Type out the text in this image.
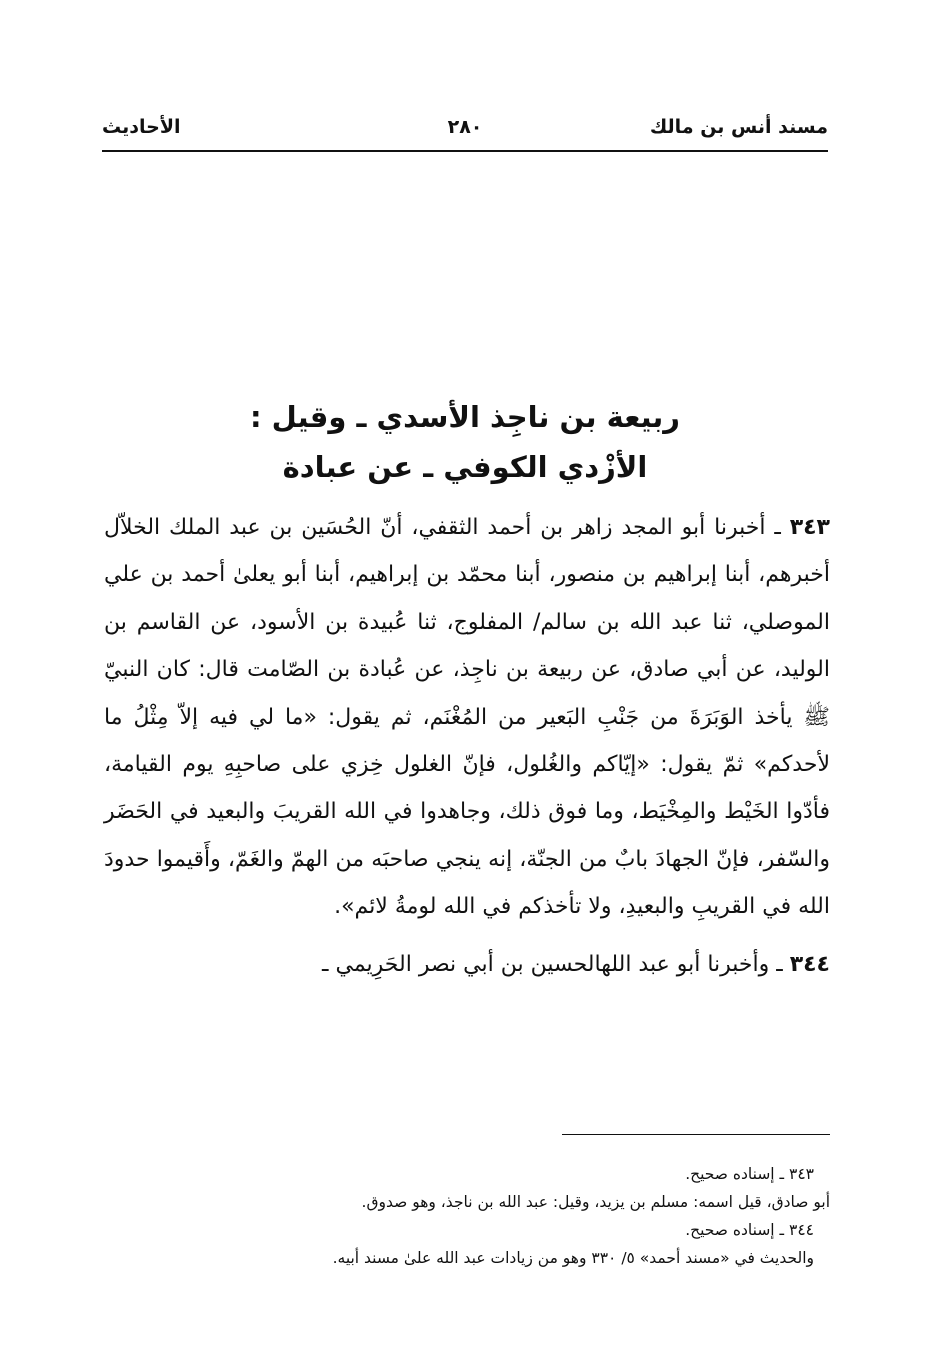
مسند أنس بن مالك
٢٨٠
الأحاديث
ربيعة بن ناجِذ الأسدي ـ وقيل :
الأزْدي الكوفي ـ عن عبادة

٣٤٣ ـ أخبرنا أبو المجد زاهر بن أحمد الثقفي، أنّ الحُسَين بن عبد الملك الخلاّل أخبرهم، أبنا إبراهيم بن منصور، أبنا محمّد بن إبراهيم، أبنا أبو يعلىٰ أحمد بن علي الموصلي، ثنا عبد الله بن سالم/ المفلوج، ثنا عُبيدة بن الأسود، عن القاسم بن الوليد، عن أبي صادق، عن ربيعة بن ناجِذ، عن عُبادة بن الصّامت قال: كان النبيّ ﷺ يأخذ الوَبَرَةَ من جَنْبِ البَعير من المُغْنَم، ثم يقول: «ما لي فيه إلاّ مِثْلُ ما لأحدكم» ثمّ يقول: «إيّاكم والغُلول، فإنّ الغلول خِزي على صاحبِهِ يوم القيامة، فأدّوا الخَيْط والمِخْيَط، وما فوق ذلك، وجاهدوا في الله القريبَ والبعيد في الحَضَر والسّفر، فإنّ الجهادَ بابٌ من الجنّة، إنه ينجي صاحبَه من الهمّ والغَمّ، وأَقيموا حدودَ الله في القريبِ والبعيدِ، ولا تأخذكم في الله لومةُ لائم».

٣٤٤ ـ وأخبرنا أبو عبد اللهالحسين بن أبي نصر الحَرِيمي ـ

٣٤٣ ـ إسناده صحيح.

أبو صادق، قيل اسمه: مسلم بن يزيد، وقيل: عبد الله بن ناجذ، وهو صدوق.

٣٤٤ ـ إسناده صحيح.

والحديث في «مسند أحمد» ٥/ ٣٣٠ وهو من زيادات عبد الله علىٰ مسند أبيه.
